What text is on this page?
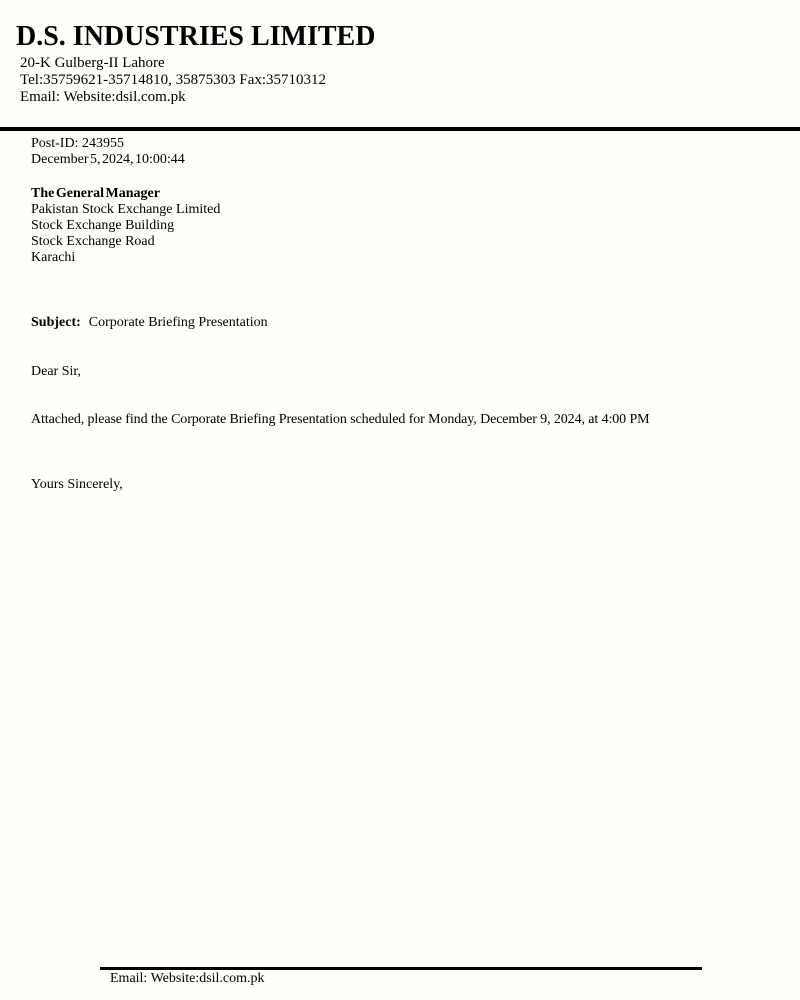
D.S. INDUSTRIES LIMITED
20-K Gulberg-II Lahore
Tel:35759621-35714810, 35875303 Fax:35710312
Email: Website:dsil.com.pk
Post-ID: 243955
December 5, 2024, 10:00:44
The General Manager
Pakistan Stock Exchange Limited
Stock Exchange Building
Stock Exchange Road
Karachi
Subject: Corporate Briefing Presentation
Dear Sir,
Attached, please find the Corporate Briefing Presentation scheduled for Monday, December 9, 2024, at 4:00 PM
Yours Sincerely,
Email: Website:dsil.com.pk
